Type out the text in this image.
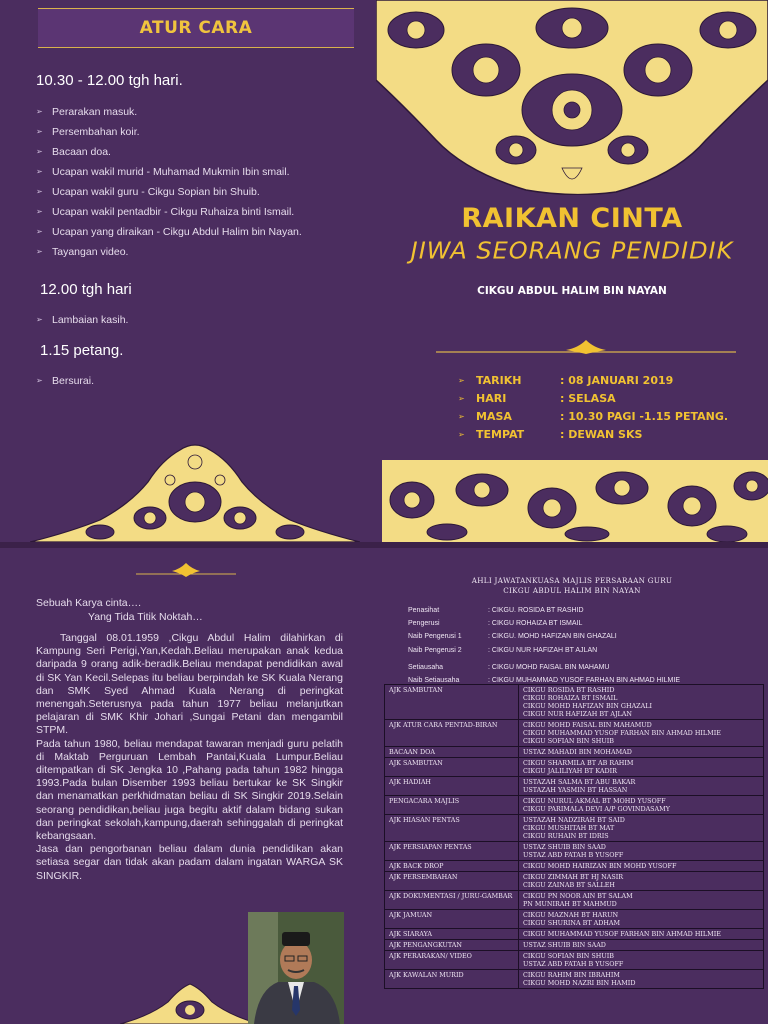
ATUR CARA
10.30 - 12.00 tgh hari.
➢ Perarakan masuk.
➢ Persembahan koir.
➢ Bacaan doa.
➢ Ucapan wakil murid - Muhamad Mukmin Ibin smail.
➢ Ucapan wakil guru - Cikgu Sopian bin Shuib.
➢ Ucapan wakil pentadbir - Cikgu Ruhaiza binti Ismail.
➢ Ucapan yang diraikan - Cikgu Abdul Halim bin Nayan.
➢ Tayangan video.
12.00 tgh hari
➢ Lambaian kasih.
1.15 petang.
➢ Bersurai.
RAIKAN CINTA
JIWA SEORANG PENDIDIK
CIKGU ABDUL HALIM BIN NAYAN
➢	TARIKH	: 08 JANUARI 2019
➢	HARI	: SELASA
➢	MASA	: 10.30 PAGI -1.15 PETANG.
➢	TEMPAT	: DEWAN SKS
Sebuah Karya cinta….
Yang Tida Titik Noktah…

Tanggal 08.01.1959 ,Cikgu Abdul Halim dilahirkan di Kampung Seri Perigi,Yan,Kedah.Beliau merupakan anak kedua daripada 9 orang adik-beradik.Beliau mendapat pendidikan awal di SK Yan Kecil.Selepas itu beliau berpindah ke SK Kuala Nerang dan SMK Syed Ahmad Kuala Nerang di peringkat menengah.Seterusnya pada tahun 1977 beliau melanjutkan pelajaran di SMK Khir Johari ,Sungai Petani dan mengambil STPM.

Pada tahun 1980, beliau mendapat tawaran menjadi guru pelatih di Maktab Perguruan Lembah Pantai,Kuala Lumpur.Beliau ditempatkan di SK Jengka 10 ,Pahang pada tahun 1982 hingga 1993.Pada bulan Disember 1993 beliau bertukar ke SK Singkir dan menamatkan perkhidmatan beliau di SK Singkir 2019.Selain seorang pendidikan,beliau juga begitu aktif dalam bidang sukan dan peringkat sekolah,kampung,daerah sehinggalah di peringkat kebangsaan.

Jasa dan pengorbanan beliau dalam dunia pendidikan akan setiasa segar dan tidak akan padam dalam ingatan WARGA SK SINGKIR.

AHLI JAWATANKUASA MAJLIS PERSARAAN GURU
CIKGU ABDUL HALIM BIN NAYAN
Penasihat	: CIKGU. ROSIDA BT RASHID
Pengerusi	: CIKGU ROHAIZA BT ISMAIL
Naib Pengerusi 1	: CIKGU. MOHD HAFIZAN BIN GHAZALI
Naib Pengerusi 2	: CIKGU NUR HAFIZAH BT AJLAN
Setiausaha	: CIKGU MOHD FAISAL BIN MAHAMU
Naib Setiausaha	: CIKGU MUHAMMAD YUSOF FARHAN BIN AHMAD HILMIE
AJK SAMBUTAN	CIKGU ROSIDA BT RASHID
CIKGU ROHAIZA BT ISMAIL
CIKGU MOHD HAFIZAN BIN GHAZALI
CIKGU NUR HAFIZAH BT AJLAN

AJK ATUR CARA PENTAD-BIRAN	CIKGU MOHD FAISAL BIN MAHAMUD
CIKGU MUHAMMAD YUSOF FARHAN BIN AHMAD HILMIE
CIKGU SOFIAN BIN SHUIB

BACAAN DOA	USTAZ MAHADI BIN MOHAMAD

AJK SAMBUTAN	CIKGU SHARMILA BT AB RAHIM
CIKGU JALILIYAH BT KADIR

AJK HADIAH	USTAZAH SALMA BT ABU BAKAR
USTAZAH YASMIN BT HASSAN

PENGACARA MAJLIS	CIKGU NURUL AKMAL BT MOHD YUSOFF
CIKGU PARIMALA DEVI A/P GOVINDASAMY

AJK HIASAN PENTAS	USTAZAH NADZIRAH BT SAID
CIKGU MUSHITAH BT MAT
CIKGU RUHAIN BT IDRIS

AJK PERSIAPAN PENTAS	USTAZ SHUIB BIN SAAD
USTAZ ABD FATAH B YUSOFF

AJK BACK DROP	CIKGU MOHD HAIRIZAN BIN MOHD YUSOFF

AJK PERSEMBAHAN	CIKGU ZIMMAH BT HJ NASIR
CIKGU ZAINAB BT SALLEH

AJK DOKUMENTASI / JURU-GAMBAR	CIKGU PN NOOR AIN BT SALAM
PN MUNIRAH BT MAHMUD

AJK JAMUAN	CIKGU MAZNAH BT HARUN
CIKGU SHURINA BT ADHAM

AJK SIARAYA	CIKGU MUHAMMAD YUSOF FARHAN BIN AHMAD HILMIE

AJK PENGANGKUTAN	USTAZ SHUIB BIN SAAD

AJK PERARAKAN/ VIDEO	CIKGU SOFIAN BIN SHUIB
USTAZ ABD FATAH B YUSOFF

AJK KAWALAN MURID	CIKGU RAHIM BIN IBRAHIM
CIKGU MOHD NAZRI BIN HAMID
